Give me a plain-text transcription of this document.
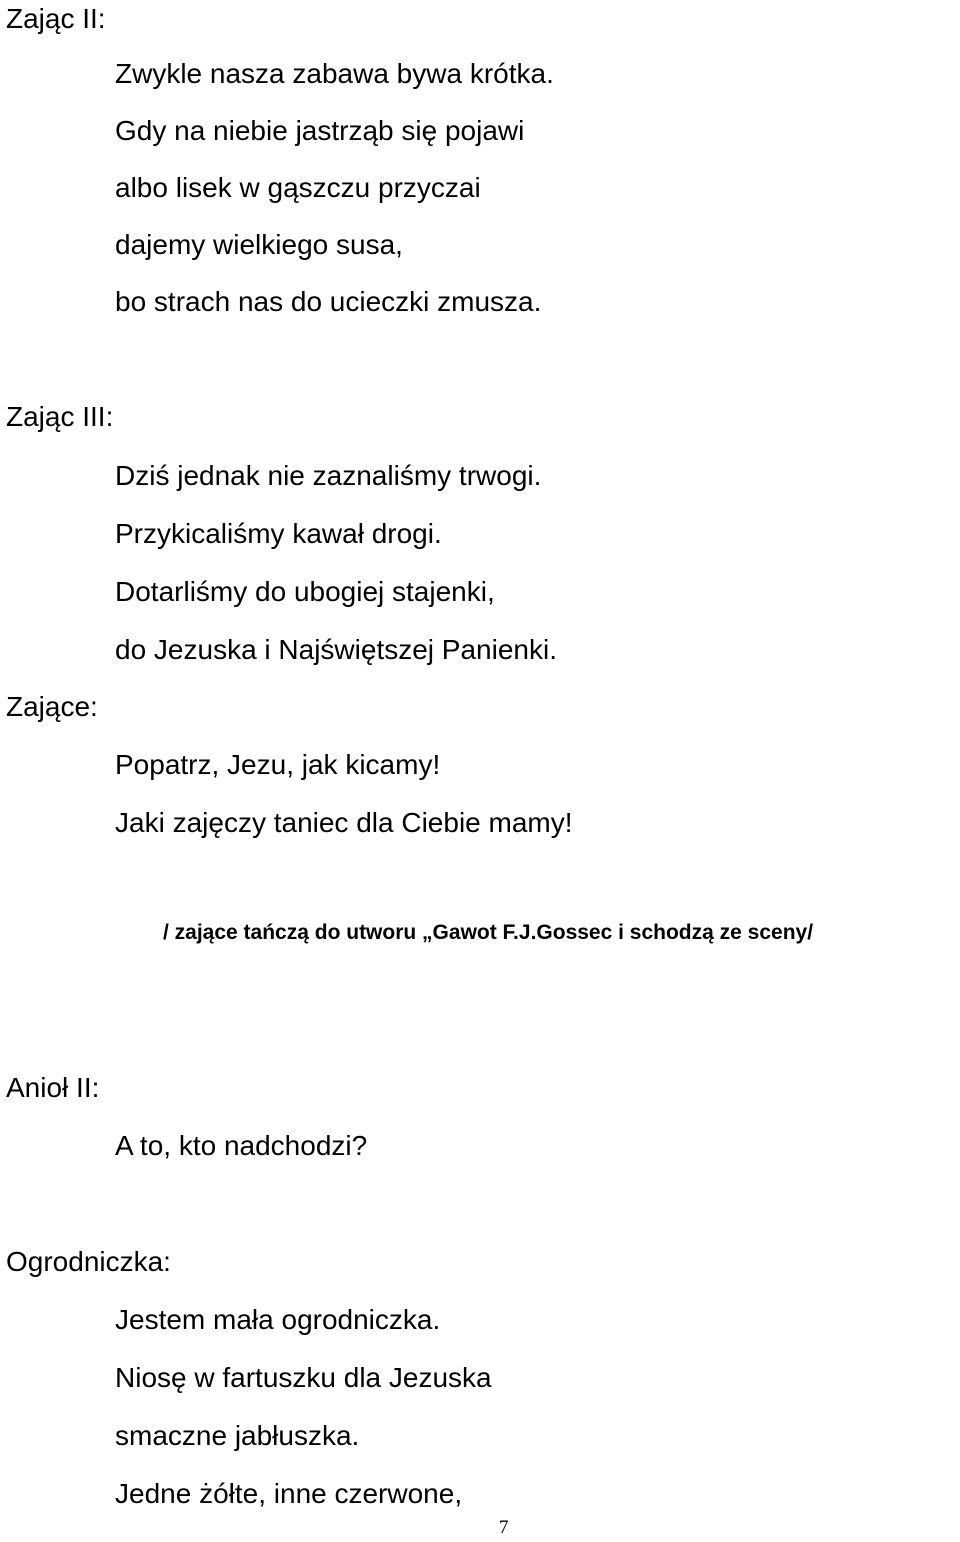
Zając II:
Zwykle nasza zabawa bywa krótka.
Gdy na niebie jastrząb się pojawi
albo lisek w gąszczu przyczai
dajemy wielkiego susa,
bo strach nas do ucieczki zmusza.
Zając III:
Dziś jednak nie zaznaliśmy trwogi.
Przykicaliśmy kawał drogi.
Dotarliśmy do ubogiej stajenki,
do Jezuska i Najświętszej Panienki.
Zające:
Popatrz, Jezu, jak kicamy!
Jaki zajęczy taniec dla Ciebie mamy!
/ zające tańczą do utworu „Gawot F.J.Gossec i schodzą ze sceny/
Anioł II:
A to, kto nadchodzi?
Ogrodniczka:
Jestem mała ogrodniczka.
Niosę w fartuszku dla Jezuska
smaczne jabłuszka.
Jedne żółte, inne czerwone,
7
